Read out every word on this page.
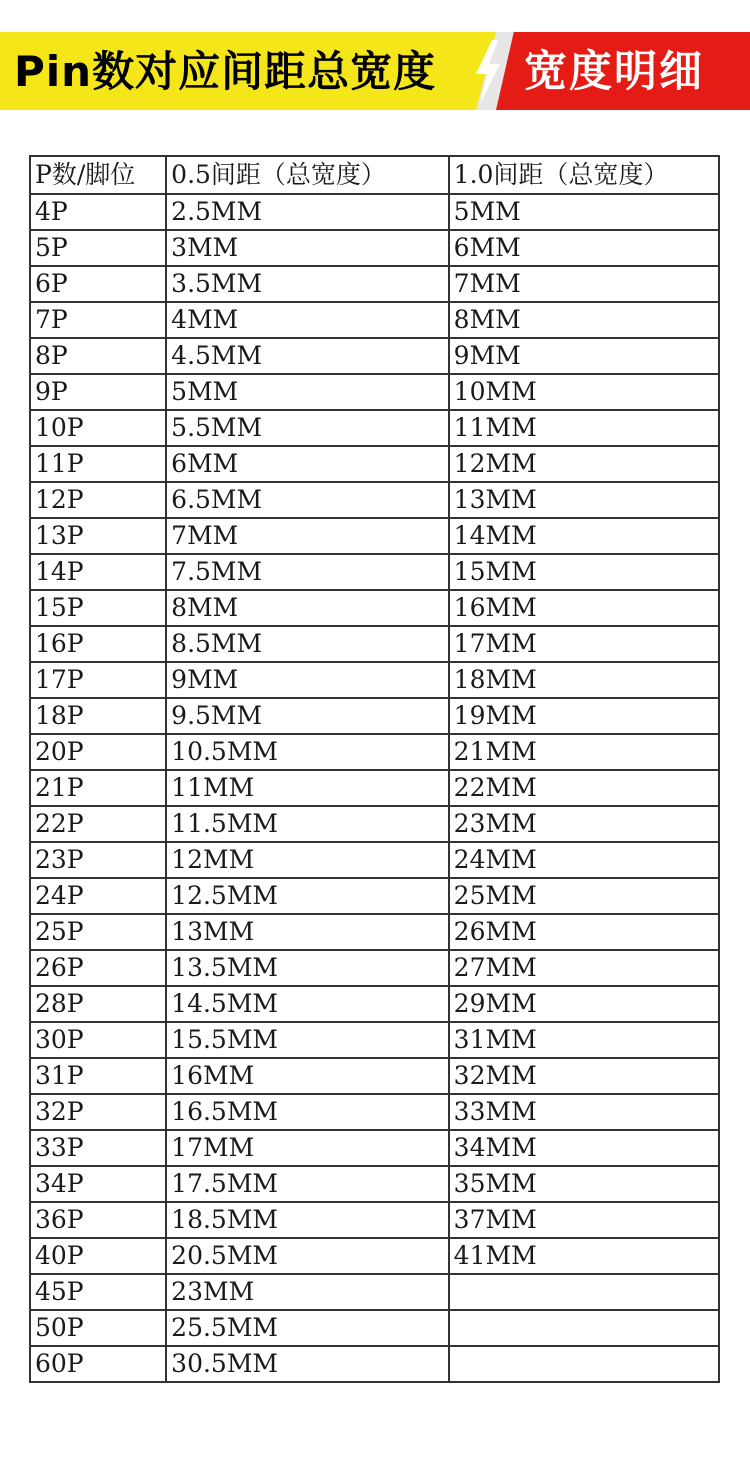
Pin数对应间距总宽度 宽度明细
P数/脚位	0.5间距（总宽度）	1.0间距（总宽度）
4P	2.5MM	5MM
5P	3MM	6MM
6P	3.5MM	7MM
7P	4MM	8MM
8P	4.5MM	9MM
9P	5MM	10MM
10P	5.5MM	11MM
11P	6MM	12MM
12P	6.5MM	13MM
13P	7MM	14MM
14P	7.5MM	15MM
15P	8MM	16MM
16P	8.5MM	17MM
17P	9MM	18MM
18P	9.5MM	19MM
20P	10.5MM	21MM
21P	11MM	22MM
22P	11.5MM	23MM
23P	12MM	24MM
24P	12.5MM	25MM
25P	13MM	26MM
26P	13.5MM	27MM
28P	14.5MM	29MM
30P	15.5MM	31MM
31P	16MM	32MM
32P	16.5MM	33MM
33P	17MM	34MM
34P	17.5MM	35MM
36P	18.5MM	37MM
40P	20.5MM	41MM
45P	23MM	
50P	25.5MM	
60P	30.5MM	
